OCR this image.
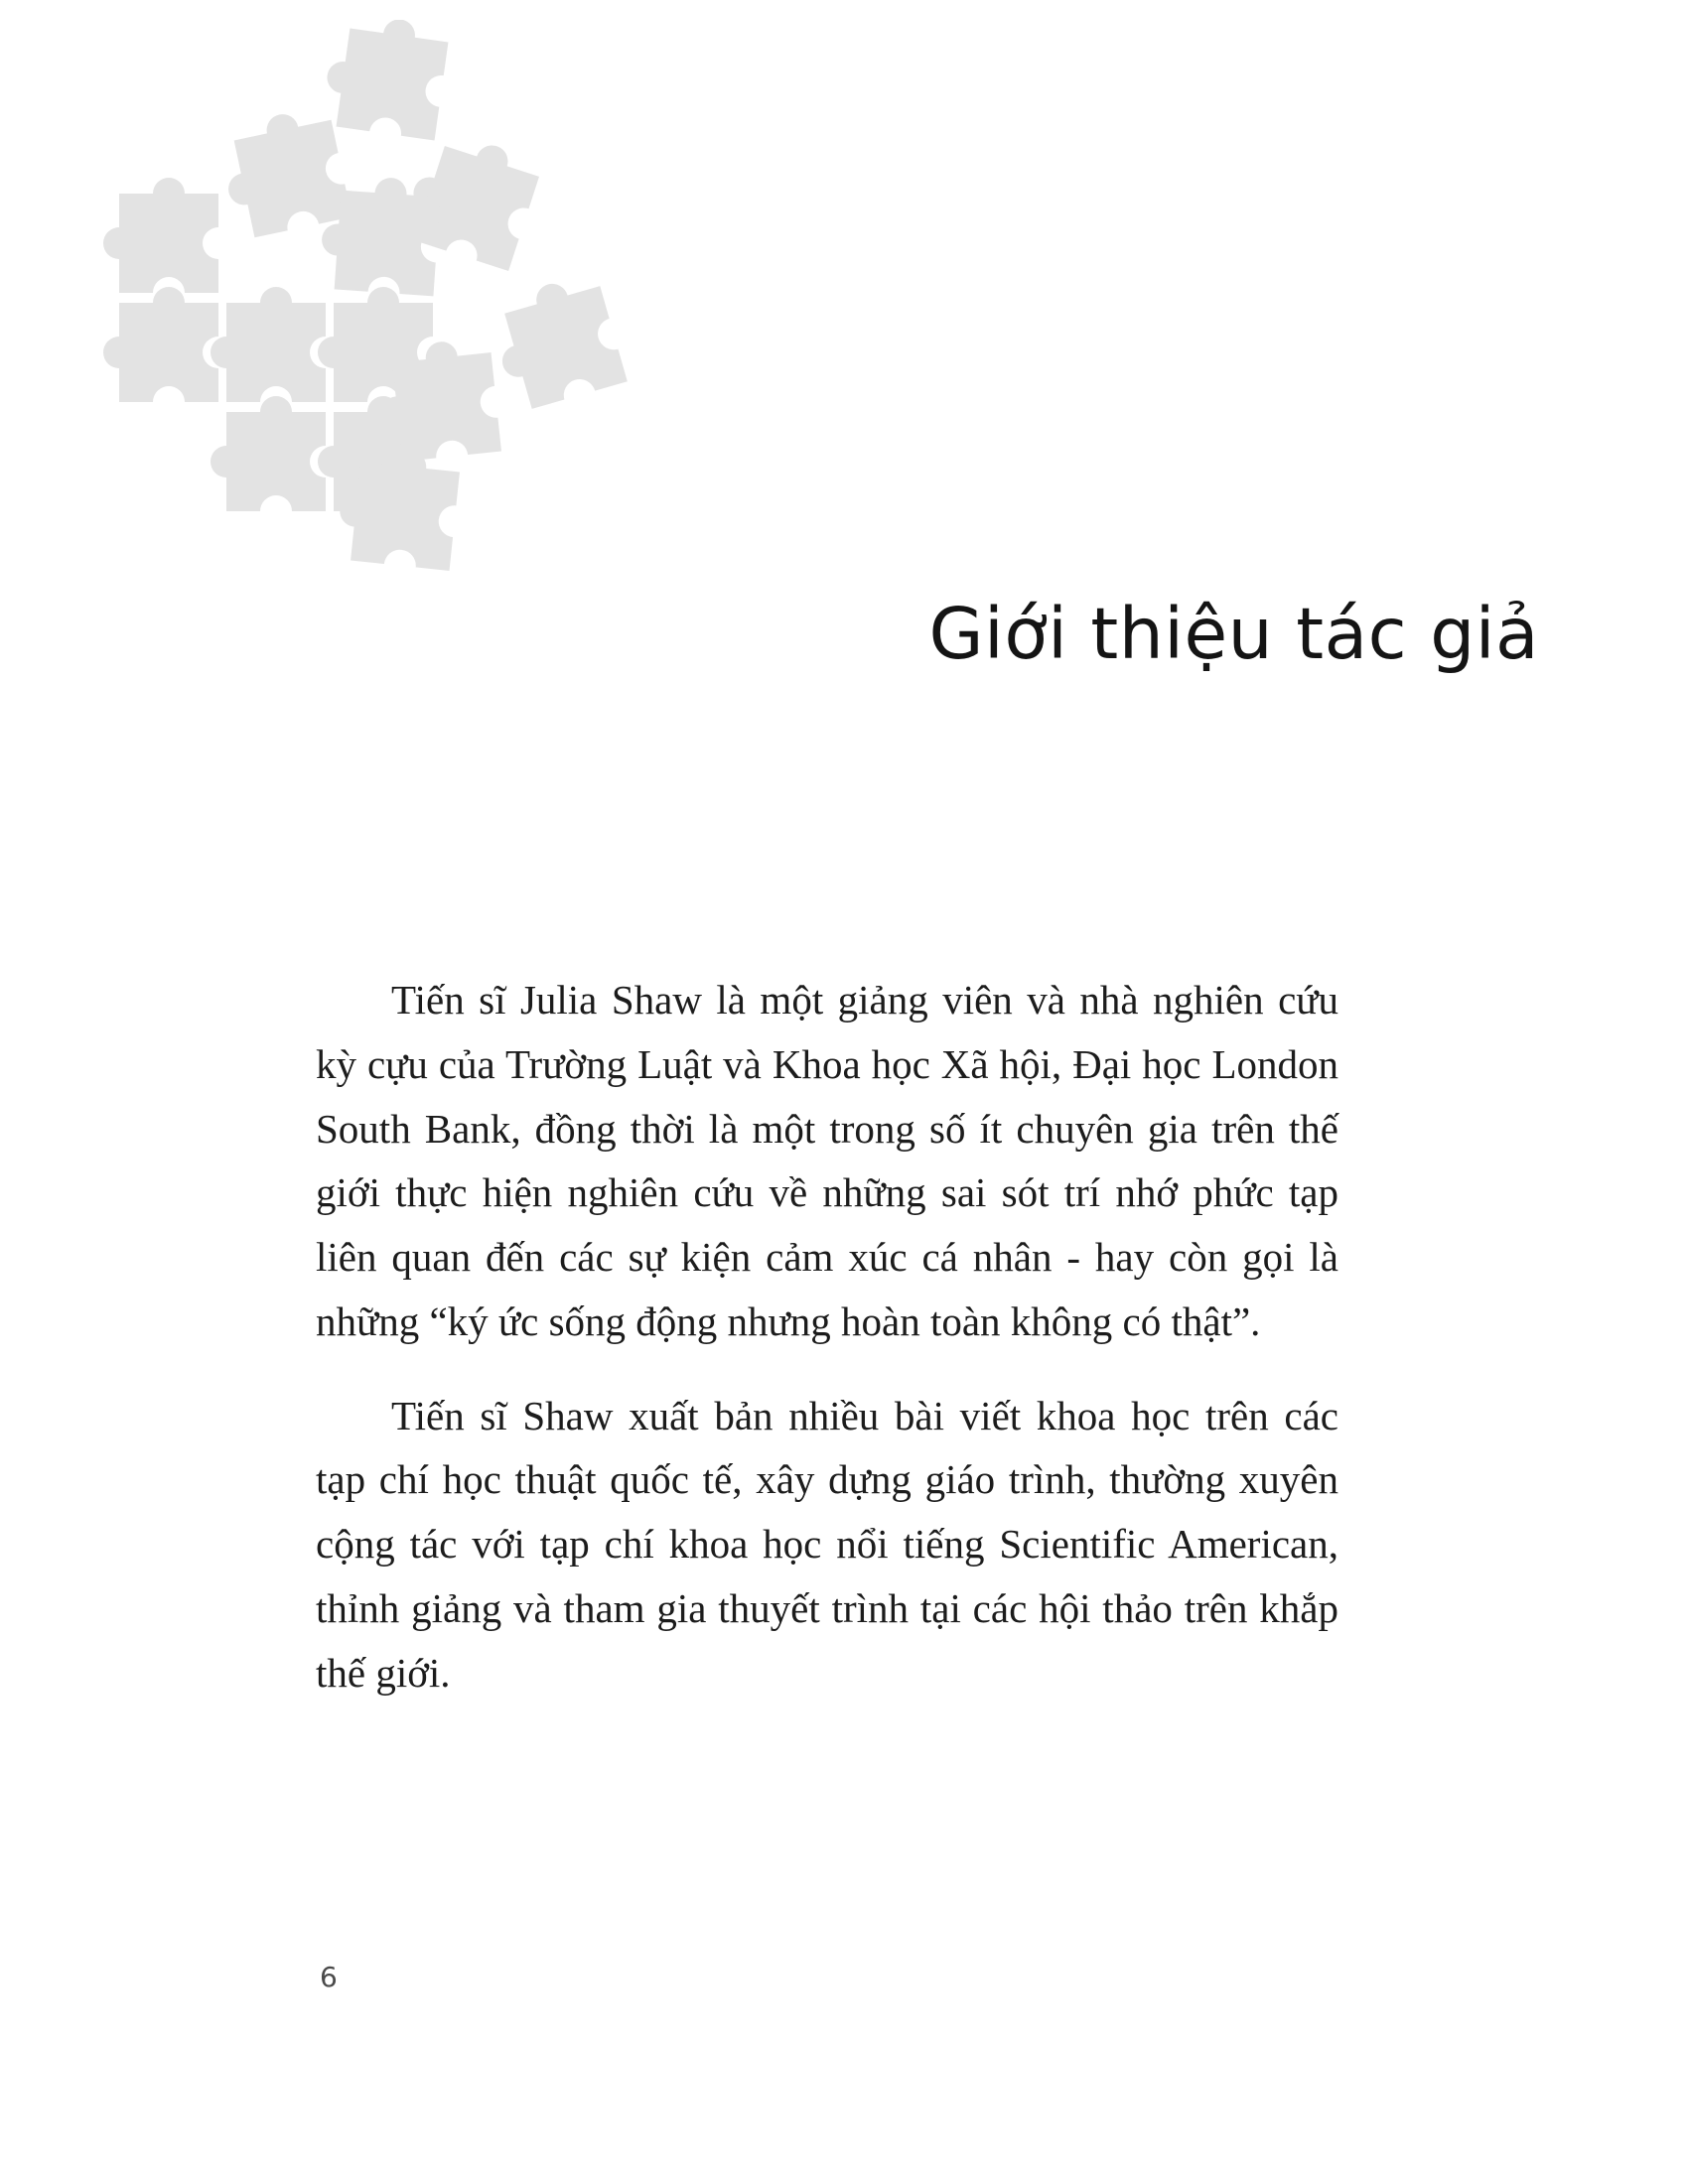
Giới thiệu tác giả

Tiến sĩ Julia Shaw là một giảng viên và nhà nghiên cứu kỳ cựu của Trường Luật và Khoa học Xã hội, Đại học London South Bank, đồng thời là một trong số ít chuyên gia trên thế giới thực hiện nghiên cứu về những sai sót trí nhớ phức tạp liên quan đến các sự kiện cảm xúc cá nhân - hay còn gọi là những “ký ức sống động nhưng hoàn toàn không có thật”.

Tiến sĩ Shaw xuất bản nhiều bài viết khoa học trên các tạp chí học thuật quốc tế, xây dựng giáo trình, thường xuyên cộng tác với tạp chí khoa học nổi tiếng Scientific American, thỉnh giảng và tham gia thuyết trình tại các hội thảo trên khắp thế giới.

6
